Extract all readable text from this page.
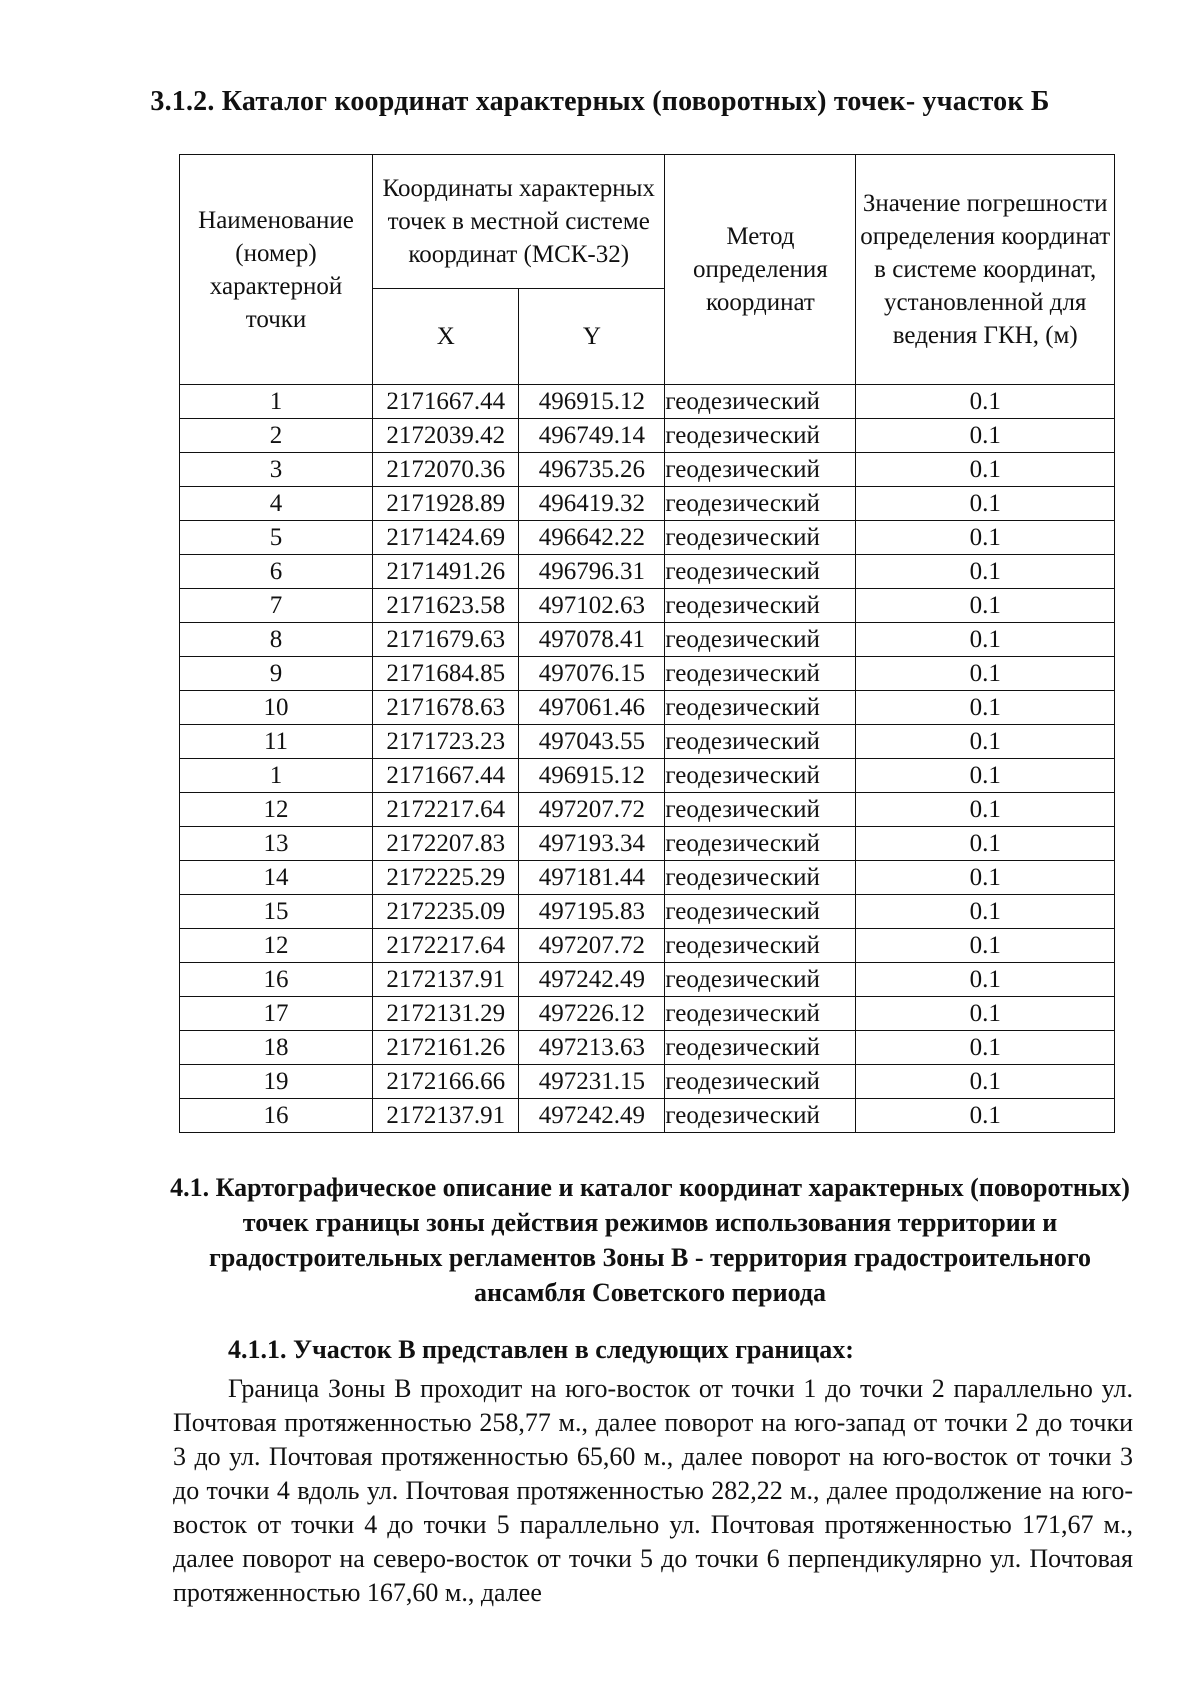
3.1.2. Каталог координат характерных (поворотных) точек- участок Б
Наименование (номер) характерной точки	Координаты характерных точек в местной системе координат (МСК-32)		Метод определения координат	Значение погрешности определения координат в системе координат, установленной для ведения ГКН, (м)
	X	Y		
1	2171667.44	496915.12	геодезический	0.1
2	2172039.42	496749.14	геодезический	0.1
3	2172070.36	496735.26	геодезический	0.1
4	2171928.89	496419.32	геодезический	0.1
5	2171424.69	496642.22	геодезический	0.1
6	2171491.26	496796.31	геодезический	0.1
7	2171623.58	497102.63	геодезический	0.1
8	2171679.63	497078.41	геодезический	0.1
9	2171684.85	497076.15	геодезический	0.1
10	2171678.63	497061.46	геодезический	0.1
11	2171723.23	497043.55	геодезический	0.1
1	2171667.44	496915.12	геодезический	0.1
12	2172217.64	497207.72	геодезический	0.1
13	2172207.83	497193.34	геодезический	0.1
14	2172225.29	497181.44	геодезический	0.1
15	2172235.09	497195.83	геодезический	0.1
12	2172217.64	497207.72	геодезический	0.1
16	2172137.91	497242.49	геодезический	0.1
17	2172131.29	497226.12	геодезический	0.1
18	2172161.26	497213.63	геодезический	0.1
19	2172166.66	497231.15	геодезический	0.1
16	2172137.91	497242.49	геодезический	0.1
4.1. Картографическое описание и каталог координат характерных (поворотных) точек границы зоны действия режимов использования территории и градостроительных регламентов Зоны В - территория градостроительного ансамбля Советского периода
4.1.1. Участок В представлен в следующих границах:
Граница Зоны В проходит на юго-восток от точки 1 до точки 2 параллельно ул. Почтовая протяженностью 258,77 м., далее поворот на юго-запад от точки 2 до точки 3 до ул. Почтовая протяженностью 65,60 м., далее поворот на юго-восток от точки 3 до точки 4 вдоль ул. Почтовая протяженностью 282,22 м., далее продолжение на юго-восток от точки 4 до точки 5 параллельно ул. Почтовая протяженностью 171,67 м., далее поворот на северо-восток от точки 5 до точки 6 перпендикулярно ул. Почтовая протяженностью 167,60 м., далее
